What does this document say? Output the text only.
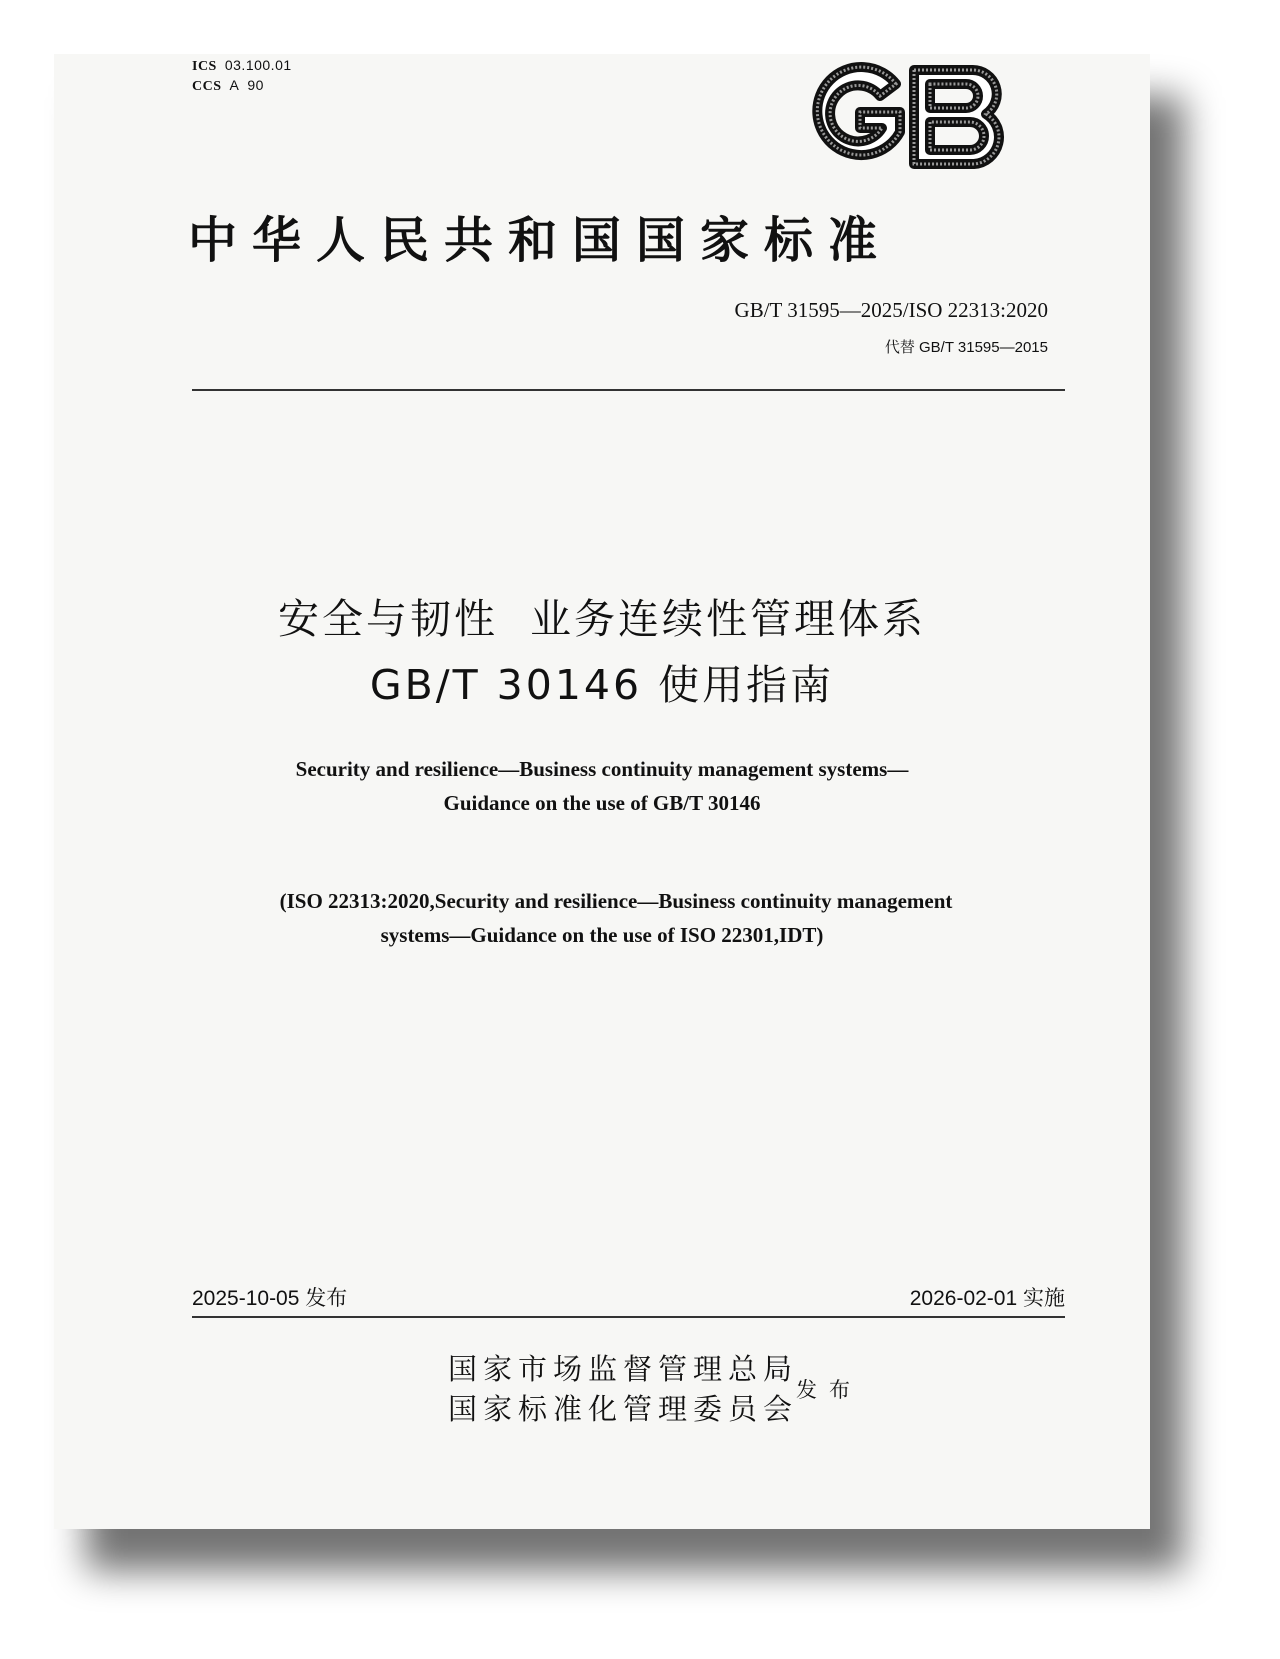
ICS 03.100.01
CCS A  90
中华人民共和国国家标准
GB/T 31595—2025/ISO 22313:2020
代替 GB/T 31595—2015
安全与韧性  业务连续性管理体系
GB/T 30146 使用指南
Security and resilience—Business continuity management systems—
Guidance on the use of GB/T 30146
(ISO 22313:2020,Security and resilience—Business continuity management
systems—Guidance on the use of ISO 22301,IDT)
2025-10-05 发布	2026-02-01 实施
国家市场监督管理总局
国家标准化管理委员会
发布
